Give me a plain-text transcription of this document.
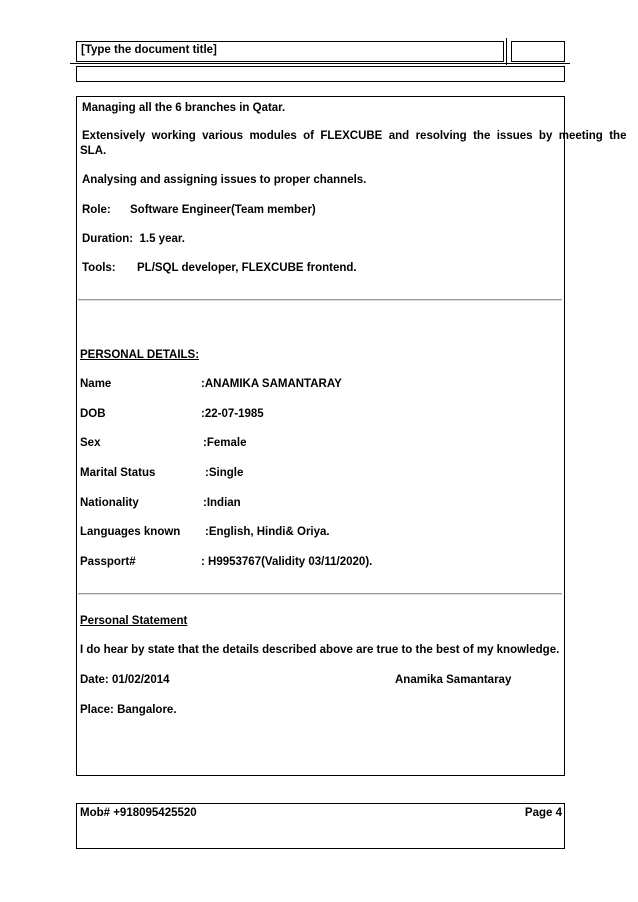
[Type the document title]
Managing all the 6 branches in Qatar.
Extensively  working  various  modules  of  FLEXCUBE  and  resolving  the  issues  by  meeting  the
SLA.
Analysing and assigning issues to proper channels.
Role: Software Engineer(Team member)
Duration:  1.5 year.
Tools: PL/SQL developer, FLEXCUBE frontend.
PERSONAL DETAILS:
Name	:ANAMIKA SAMANTARAY
DOB	:22-07-1985
Sex	:Female
Marital Status	:Single
Nationality	:Indian
Languages known :English, Hindi& Oriya.
Passport#	: H9953767(Validity 03/11/2020).
Personal Statement
I do hear by state that the details described above are true to the best of my knowledge.
Date: 01/02/2014	Anamika Samantaray
Place: Bangalore.
Mob# +918095425520	Page 4
